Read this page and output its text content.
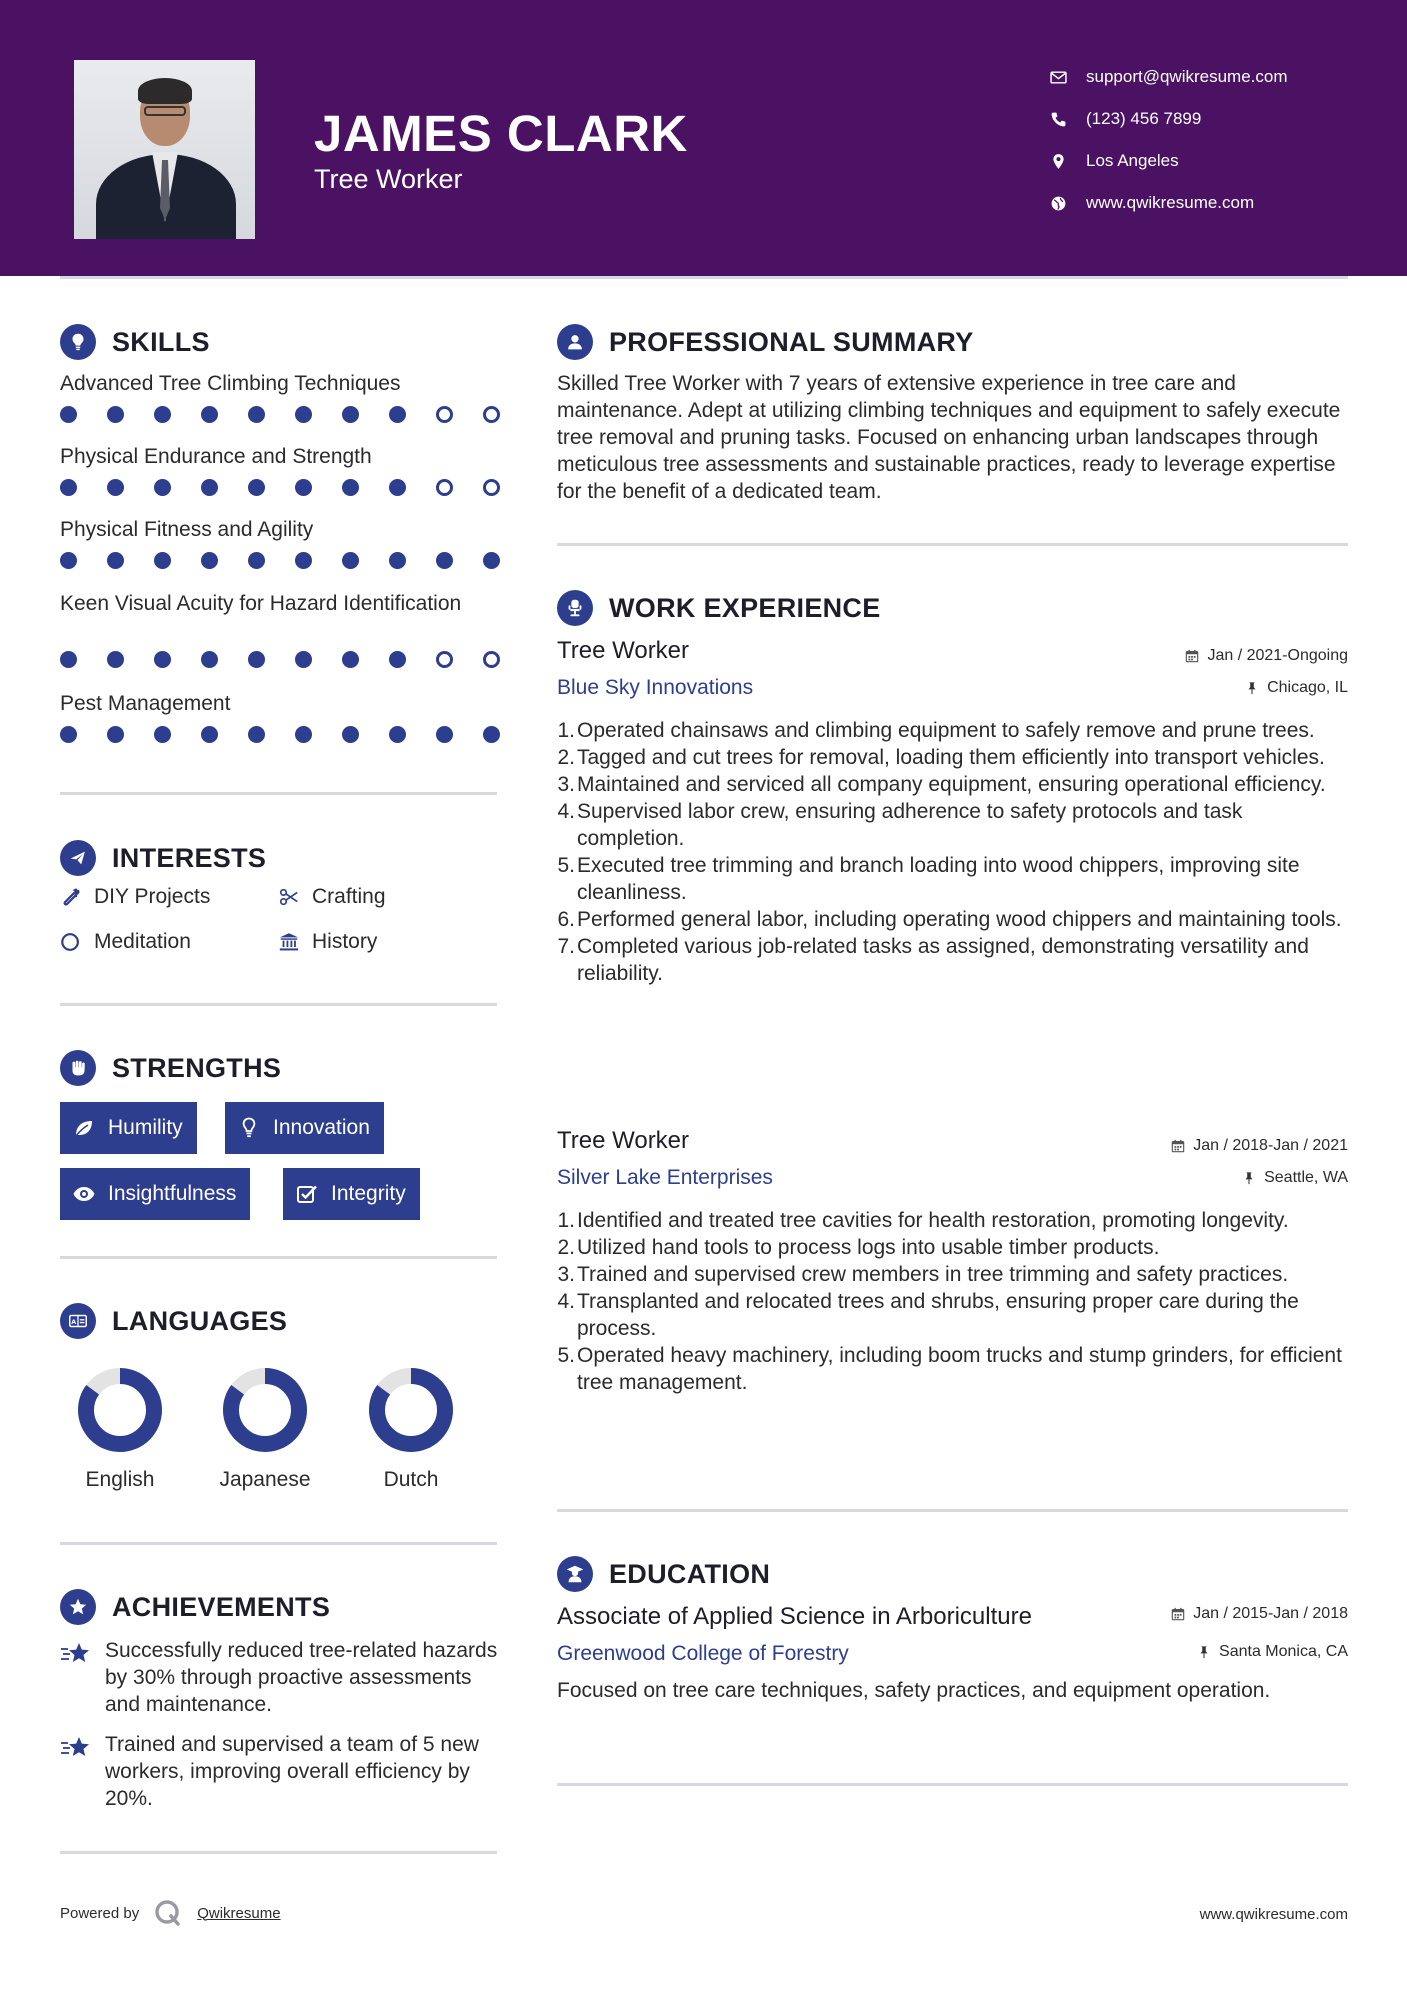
JAMES CLARK
Tree Worker
support@qwikresume.com
(123) 456 7899
Los Angeles
www.qwikresume.com
SKILLS
Advanced Tree Climbing Techniques
Physical Endurance and Strength
Physical Fitness and Agility
Keen Visual Acuity for Hazard Identification
Pest Management
INTERESTS
DIY Projects	Crafting
Meditation	History
STRENGTHS
Humility	Innovation
Insightfulness	Integrity
A LANGUAGES
English	Japanese	Dutch
ACHIEVEMENTS
Successfully reduced tree-related hazards by 30% through proactive assessments and maintenance.
Trained and supervised a team of 5 new workers, improving overall efficiency by 20%.
PROFESSIONAL SUMMARY
Skilled Tree Worker with 7 years of extensive experience in tree care and maintenance. Adept at utilizing climbing techniques and equipment to safely execute tree removal and pruning tasks. Focused on enhancing urban landscapes through meticulous tree assessments and sustainable practices, ready to leverage expertise for the benefit of a dedicated team.
WORK EXPERIENCE
Tree Worker
Blue Sky Innovations
Jan / 2021-Ongoing
Chicago, IL
1. Operated chainsaws and climbing equipment to safely remove and prune trees.
2. Tagged and cut trees for removal, loading them efficiently into transport vehicles.
3. Maintained and serviced all company equipment, ensuring operational efficiency.
4. Supervised labor crew, ensuring adherence to safety protocols and task completion.
5. Executed tree trimming and branch loading into wood chippers, improving site cleanliness.
6. Performed general labor, including operating wood chippers and maintaining tools.
7. Completed various job-related tasks as assigned, demonstrating versatility and reliability.
Tree Worker
Silver Lake Enterprises
Jan / 2018-Jan / 2021
Seattle, WA
1. Identified and treated tree cavities for health restoration, promoting longevity.
2. Utilized hand tools to process logs into usable timber products.
3. Trained and supervised crew members in tree trimming and safety practices.
4. Transplanted and relocated trees and shrubs, ensuring proper care during the process.
5. Operated heavy machinery, including boom trucks and stump grinders, for efficient tree management.
EDUCATION
Associate of Applied Science in Arboriculture
Greenwood College of Forestry
Jan / 2015-Jan / 2018
Santa Monica, CA
Focused on tree care techniques, safety practices, and equipment operation.
Powered by	Qwikresume	www.qwikresume.com
